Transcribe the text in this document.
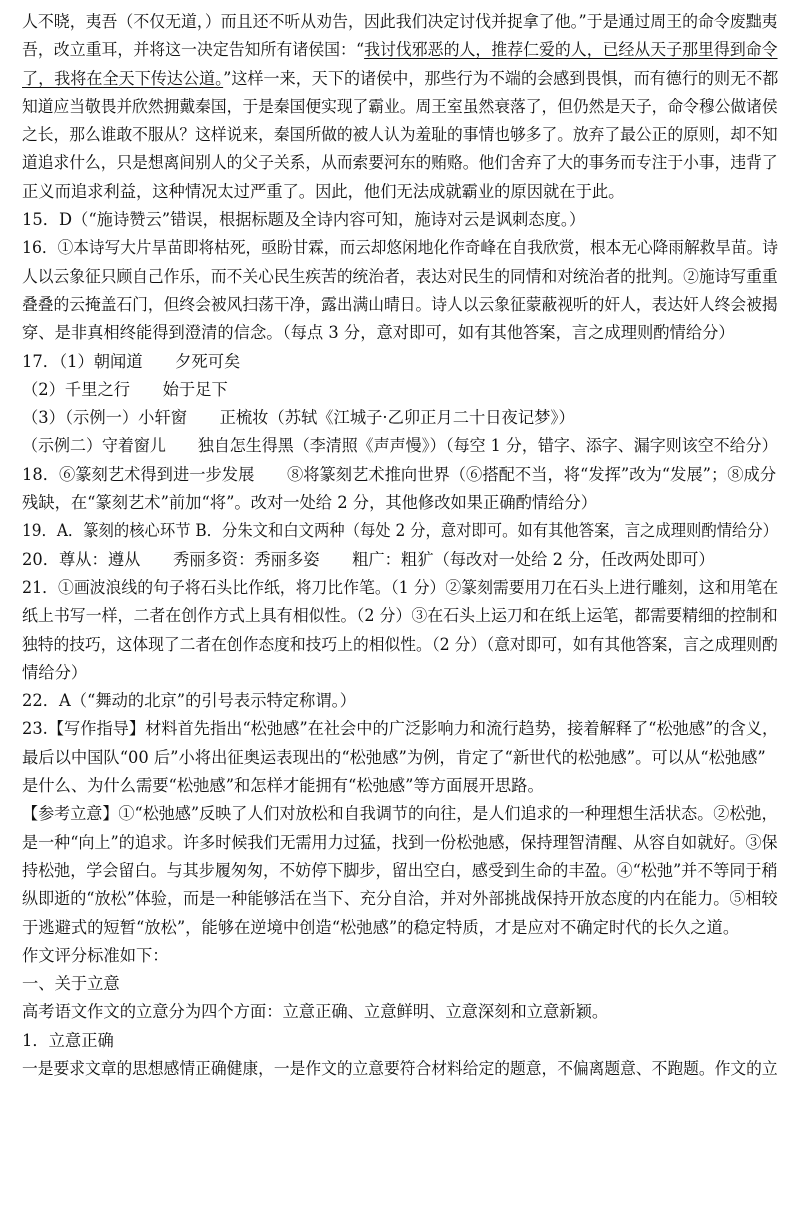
人不晓，夷吾（不仅无道，）而且还不听从劝告，因此我们决定讨伐并捉拿了他。”于是通过周王的命令废黜夷
吾，改立重耳，并将这一决定告知所有诸侯国：“我讨伐邪恶的人，推荐仁爱的人，已经从天子那里得到命令
了，我将在全天下传达公道。”这样一来，天下的诸侯中，那些行为不端的会感到畏惧，而有德行的则无不都
知道应当敬畏并欣然拥戴秦国，于是秦国便实现了霸业。周王室虽然衰落了，但仍然是天子，命令穆公做诸侯
之长，那么谁敢不服从？这样说来，秦国所做的被人认为羞耻的事情也够多了。放弃了最公正的原则，却不知
道追求什么，只是想离间别人的父子关系，从而索要河东的贿赂。他们舍弃了大的事务而专注于小事，违背了
正义而追求利益，这种情况太过严重了。因此，他们无法成就霸业的原因就在于此。
15．D（“施诗赞云”错误，根据标题及全诗内容可知，施诗对云是讽刺态度。）
16．①本诗写大片旱苗即将枯死，亟盼甘霖，而云却悠闲地化作奇峰在自我欣赏，根本无心降雨解救旱苗。诗
人以云象征只顾自己作乐，而不关心民生疾苦的统治者，表达对民生的同情和对统治者的批判。②施诗写重重
叠叠的云掩盖石门，但终会被风扫荡干净，露出满山晴日。诗人以云象征蒙蔽视听的奸人，表达奸人终会被揭
穿、是非真相终能得到澄清的信念。（每点 3 分，意对即可，如有其他答案，言之成理则酌情给分）
17．（1）朝闻道　　夕死可矣
（2）千里之行　　始于足下
（3）（示例一）小轩窗　　正梳妆（苏轼《江城子·乙卯正月二十日夜记梦》）
（示例二）守着窗儿　　独自怎生得黑（李清照《声声慢》）（每空 1 分，错字、添字、漏字则该空不给分）
18．⑥篆刻艺术得到进一步发展　　⑧将篆刻艺术推向世界（⑥搭配不当，将“发挥”改为“发展”；⑧成分
残缺，在“篆刻艺术”前加“将”。改对一处给 2 分，其他修改如果正确酌情给分）
19．A．篆刻的核心环节 B．分朱文和白文两种（每处 2 分，意对即可。如有其他答案，言之成理则酌情给分）
20．尊从：遵从　　秀丽多资：秀丽多姿　　粗广：粗犷（每改对一处给 2 分，任改两处即可）
21．①画波浪线的句子将石头比作纸，将刀比作笔。（1 分）②篆刻需要用刀在石头上进行雕刻，这和用笔在
纸上书写一样，二者在创作方式上具有相似性。（2 分）③在石头上运刀和在纸上运笔，都需要精细的控制和
独特的技巧，这体现了二者在创作态度和技巧上的相似性。（2 分）（意对即可，如有其他答案，言之成理则酌
情给分）
22．A（“舞动的北京”的引号表示特定称谓。）
23.【写作指导】材料首先指出“松弛感”在社会中的广泛影响力和流行趋势，接着解释了“松弛感”的含义，
最后以中国队“00 后”小将出征奥运表现出的“松弛感”为例，肯定了“新世代的松弛感”。可以从“松弛感”
是什么、为什么需要“松弛感”和怎样才能拥有“松弛感”等方面展开思路。
【参考立意】①“松弛感”反映了人们对放松和自我调节的向往，是人们追求的一种理想生活状态。②松弛，
是一种“向上”的追求。许多时候我们无需用力过猛，找到一份松弛感，保持理智清醒、从容自如就好。③保
持松弛，学会留白。与其步履匆匆，不妨停下脚步，留出空白，感受到生命的丰盈。④“松弛”并不等同于稍
纵即逝的“放松”体验，而是一种能够活在当下、充分自洽，并对外部挑战保持开放态度的内在能力。⑤相较
于逃避式的短暂“放松”，能够在逆境中创造“松弛感”的稳定特质，才是应对不确定时代的长久之道。
作文评分标准如下：
一、关于立意
高考语文作文的立意分为四个方面：立意正确、立意鲜明、立意深刻和立意新颖。
1．立意正确
一是要求文章的思想感情正确健康，一是作文的立意要符合材料给定的题意，不偏离题意、不跑题。作文的立
